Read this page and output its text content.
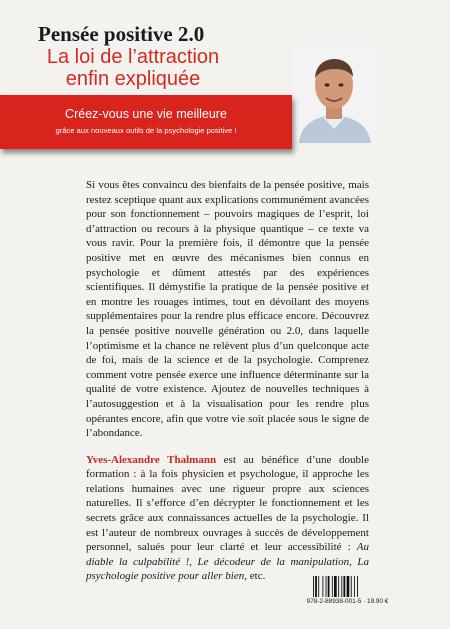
Pensée positive 2.0
La loi de l’attraction
enfin expliquée
Créez-vous une vie meilleure
grâce aux nouveaux outils de la psychologie positive !

Si vous êtes convaincu des bienfaits de la pensée positive, mais restez sceptique quant aux explications communément avancées pour son fonctionnement – pouvoirs magiques de l’esprit, loi d’attraction ou recours à la physique quantique – ce texte va vous ravir. Pour la première fois, il démontre que la pensée positive met en œuvre des mécanismes bien connus en psychologie et dûment attestés par des expériences scientifiques. Il démystifie la pratique de la pensée positive et en montre les rouages intimes, tout en dévoilant des moyens supplémentaires pour la rendre plus efficace encore. Découvrez la pensée positive nouvelle génération ou 2.0, dans laquelle l’optimisme et la chance ne relèvent plus d’un quelconque acte de foi, mais de la science et de la psychologie. Comprenez comment votre pensée exerce une influence déterminante sur la qualité de votre existence. Ajoutez de nouvelles techniques à l’autosuggestion et à la visualisation pour les rendre plus opérantes encore, afin que votre vie soit placée sous le signe de l’abondance.

Yves-Alexandre Thalmann est au bénéfice d’une double formation : à la fois physicien et psychologue, il approche les relations humaines avec une rigueur propre aux sciences naturelles. Il s’efforce d’en décrypter le fonctionnement et les secrets grâce aux connaissances actuelles de la psychologie. Il est l’auteur de nombreux ouvrages à succès de développement personnel, salués pour leur clarté et leur accessibilité : Au diable la culpabilité !, Le décodeur de la manipulation, La psychologie positive pour aller bien, etc.

978-2-88938-001-5 · 19.90 €
